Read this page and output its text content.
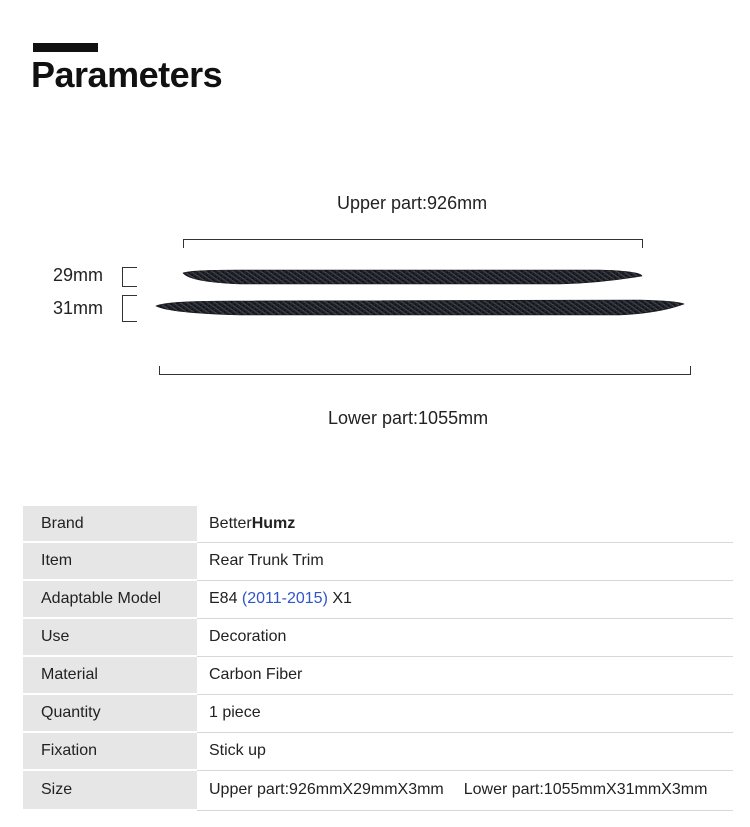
Parameters
Upper part:926mm
29mm
31mm
Lower part:1055mm
Brand	BetterHumz
Item	Rear Trunk Trim
Adaptable Model	E84 (2011-2015) X1
Use	Decoration
Material	Carbon Fiber
Quantity	1 piece
Fixation	Stick up
Size	Upper part:926mmX29mmX3mm Lower part:1055mmX31mmX3mm
